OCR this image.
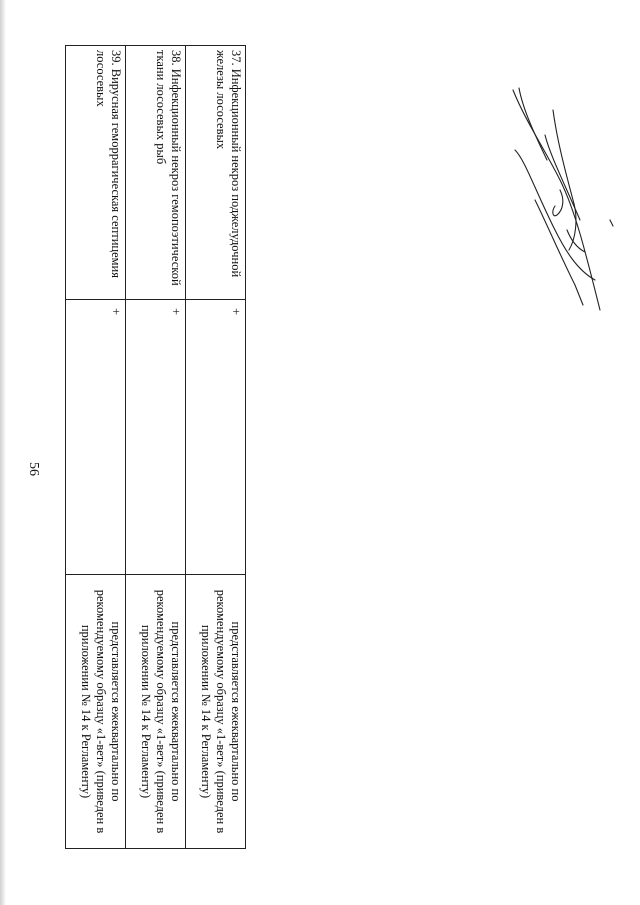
56
37. Инфекционный некроз поджелудочной железы лососевых	+	представляется ежеквартально по рекомендуемому образцу «1-вет» (приведен в приложении № 14 к Регламенту)
38. Инфекционный некроз гемопоэтической ткани лососевых рыб	+	представляется ежеквартально по рекомендуемому образцу «1-вет» (приведен в приложении № 14 к Регламенту)
39. Вирусная геморрагическая септицемия лососевых	+	представляется ежеквартально по рекомендуемому образцу «1-вет» (приведен в приложении № 14 к Регламенту)
